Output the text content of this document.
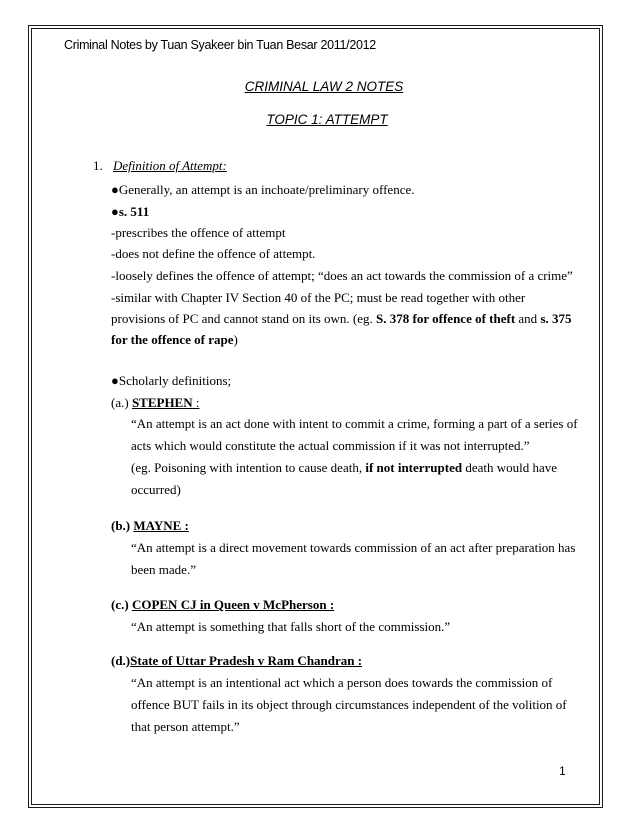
Criminal Notes by Tuan Syakeer bin Tuan Besar 2011/2012
CRIMINAL LAW 2 NOTES
TOPIC 1: ATTEMPT
1. Definition of Attempt:
●Generally, an attempt is an inchoate/preliminary offence.
●s. 511
-prescribes the offence of attempt
-does not define the offence of attempt.
-loosely defines the offence of attempt; “does an act towards the commission of a crime”
-similar with Chapter IV Section 40 of the PC; must be read together with other
provisions of PC and cannot stand on its own. (eg. S. 378 for offence of theft and s. 375
for the offence of rape)
●Scholarly definitions;
(a.) STEPHEN :
“An attempt is an act done with intent to commit a crime, forming a part of a series of
acts which would constitute the actual commission if it was not interrupted.”
(eg. Poisoning with intention to cause death, if not interrupted death would have
occurred)
(b.) MAYNE :
“An attempt is a direct movement towards commission of an act after preparation has
been made.”
(c.) COPEN CJ in Queen v McPherson :
“An attempt is something that falls short of the commission.”
(d.)State of Uttar Pradesh v Ram Chandran :
“An attempt is an intentional act which a person does towards the commission of
offence BUT fails in its object through circumstances independent of the volition of
that person attempt.”
1
